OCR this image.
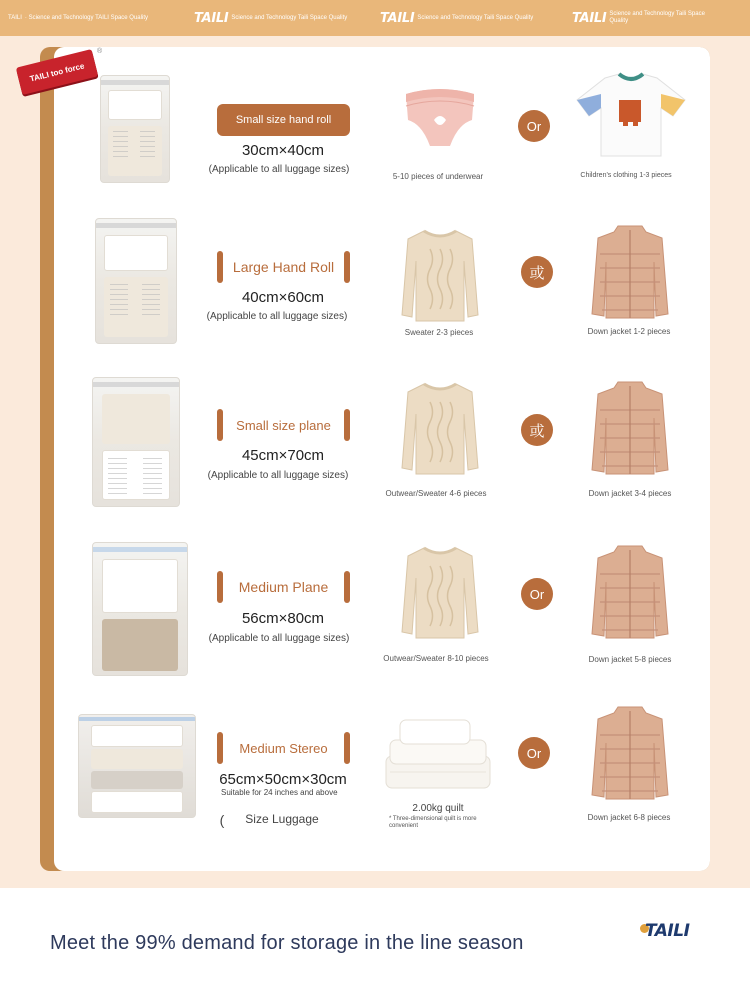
TAILI · Science and Technology TAILI Space Quality	TAILI Science and Technology Taili Space Quality	TAILI Science and Technology Taili Space Quality	TAILI Science and Technology Taili Space Quality
TAILI too force
®
Small size hand roll
30cm×40cm
(Applicable to all luggage sizes)
5-10 pieces of underwear
Or
Children's clothing 1-3 pieces
Large Hand Roll
40cm×60cm
(Applicable to all luggage sizes)
Sweater 2-3 pieces
或
Down jacket 1-2 pieces
Small size plane
45cm×70cm
(Applicable to all luggage sizes)
Outwear/Sweater 4-6 pieces
或
Down jacket 3-4 pieces
Medium Plane
56cm×80cm
(Applicable to all luggage sizes)
Outwear/Sweater 8-10 pieces
Or
Down jacket 5-8 pieces
Medium Stereo
65cm×50cm×30cm
Suitable for 24 inches and above
(	Size Luggage
2.00kg quilt
* Three-dimensional quilt is more convenient
Or
Down jacket 6-8 pieces
Meet the 99% demand for storage in the line season
TAILI
